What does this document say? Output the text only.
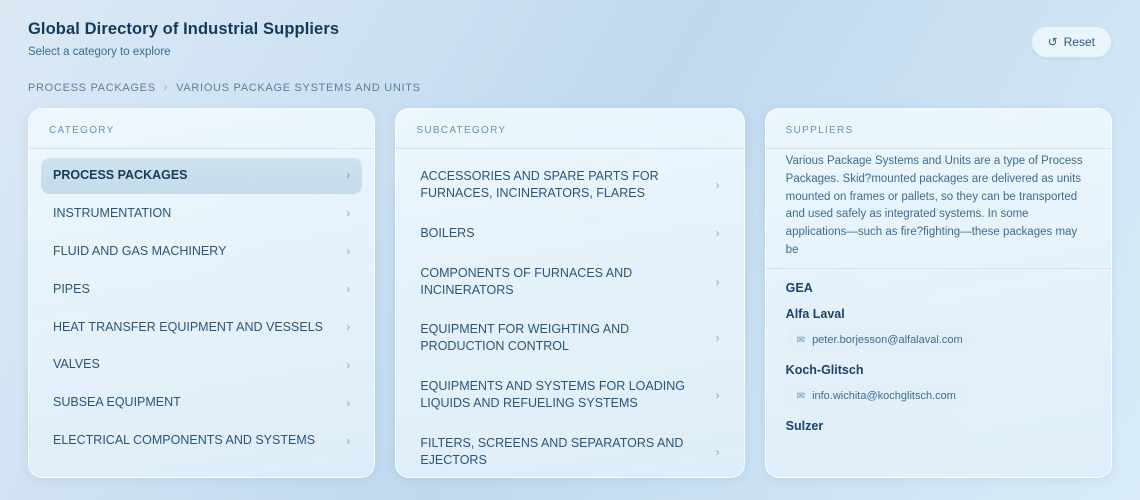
Global Directory of Industrial Suppliers
Select a category to explore
↺ Reset
PROCESS PACKAGES › VARIOUS PACKAGE SYSTEMS AND UNITS
CATEGORY
PROCESS PACKAGES	›
INSTRUMENTATION	›
FLUID AND GAS MACHINERY	›
PIPES	›
HEAT TRANSFER EQUIPMENT AND VESSELS ›
VALVES	›
SUBSEA EQUIPMENT	›
ELECTRICAL COMPONENTS AND SYSTEMS	›
SUBCATEGORY
ACCESSORIES AND SPARE PARTS FOR FURNACES, INCINERATORS, FLARES
›
BOILERS	›
COMPONENTS OF FURNACES AND INCINERATORS
›
EQUIPMENT FOR WEIGHTING AND PRODUCTION CONTROL
›
EQUIPMENTS AND SYSTEMS FOR LOADING LIQUIDS AND REFUELING SYSTEMS
›
FILTERS, SCREENS AND SEPARATORS AND EJECTORS
›
SUPPLIERS
Various Package Systems and Units are a type of Process Packages. Skid?mounted packages are delivered as units mounted on frames or pallets, so they can be transported and used safely as integrated systems. In some applications—such as fire?fighting—these packages may be
GEA
Alfa Laval
✉ peter.borjesson@alfalaval.com
Koch-Glitsch
✉ info.wichita@kochglitsch.com
Sulzer
